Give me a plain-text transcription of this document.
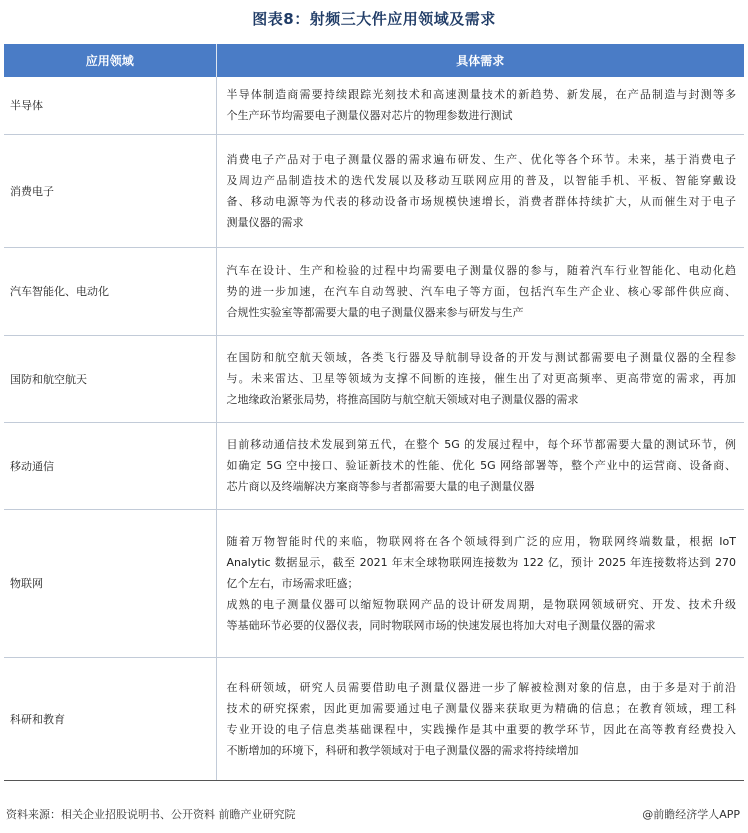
图表8：射频三大件应用领域及需求
应用领域	具体需求
半导体	半导体制造商需要持续跟踪光刻技术和高速测量技术的新趋势、新发展，在产品制造与封测等多
个生产环节均需要电子测量仪器对芯片的物理参数进行测试

消费电子	消费电子产品对于电子测量仪器的需求遍布研发、生产、优化等各个环节。未来，基于消费电子
及周边产品制造技术的迭代发展以及移动互联网应用的普及，以智能手机、平板、智能穿戴设
备、移动电源等为代表的移动设备市场规模快速增长，消费者群体持续扩大，从而催生对于电子
测量仪器的需求

汽车智能化、电动化	汽车在设计、生产和检验的过程中均需要电子测量仪器的参与，随着汽车行业智能化、电动化趋
势的进一步加速，在汽车自动驾驶、汽车电子等方面，包括汽车生产企业、核心零部件供应商、
合规性实验室等都需要大量的电子测量仪器来参与研发与生产

国防和航空航天	在国防和航空航天领域，各类飞行器及导航制导设备的开发与测试都需要电子测量仪器的全程参
与。未来雷达、卫星等领域为支撑不间断的连接，催生出了对更高频率、更高带宽的需求，再加
之地缘政治紧张局势，将推高国防与航空航天领域对电子测量仪器的需求

移动通信	目前移动通信技术发展到第五代，在整个 5G 的发展过程中，每个环节都需要大量的测试环节，例
如确定 5G 空中接口、验证新技术的性能、优化 5G 网络部署等，整个产业中的运营商、设备商、
芯片商以及终端解决方案商等参与者都需要大量的电子测量仪器

物联网	随着万物智能时代的来临，物联网将在各个领域得到广泛的应用，物联网终端数量，根据 IoT
Analytic 数据显示，截至 2021 年末全球物联网连接数为 122 亿，预计 2025 年连接数将达到 270
亿个左右，市场需求旺盛；
成熟的电子测量仪器可以缩短物联网产品的设计研发周期，是物联网领域研究、开发、技术升级
等基础环节必要的仪器仪表，同时物联网市场的快速发展也将加大对电子测量仪器的需求

科研和教育	在科研领域，研究人员需要借助电子测量仪器进一步了解被检测对象的信息，由于多是对于前沿
技术的研究探索，因此更加需要通过电子测量仪器来获取更为精确的信息；在教育领域，理工科
专业开设的电子信息类基础课程中，实践操作是其中重要的教学环节，因此在高等教育经费投入
不断增加的环境下，科研和教学领域对于电子测量仪器的需求将持续增加
资料来源：相关企业招股说明书、公开资料 前瞻产业研究院	@前瞻经济学人APP
